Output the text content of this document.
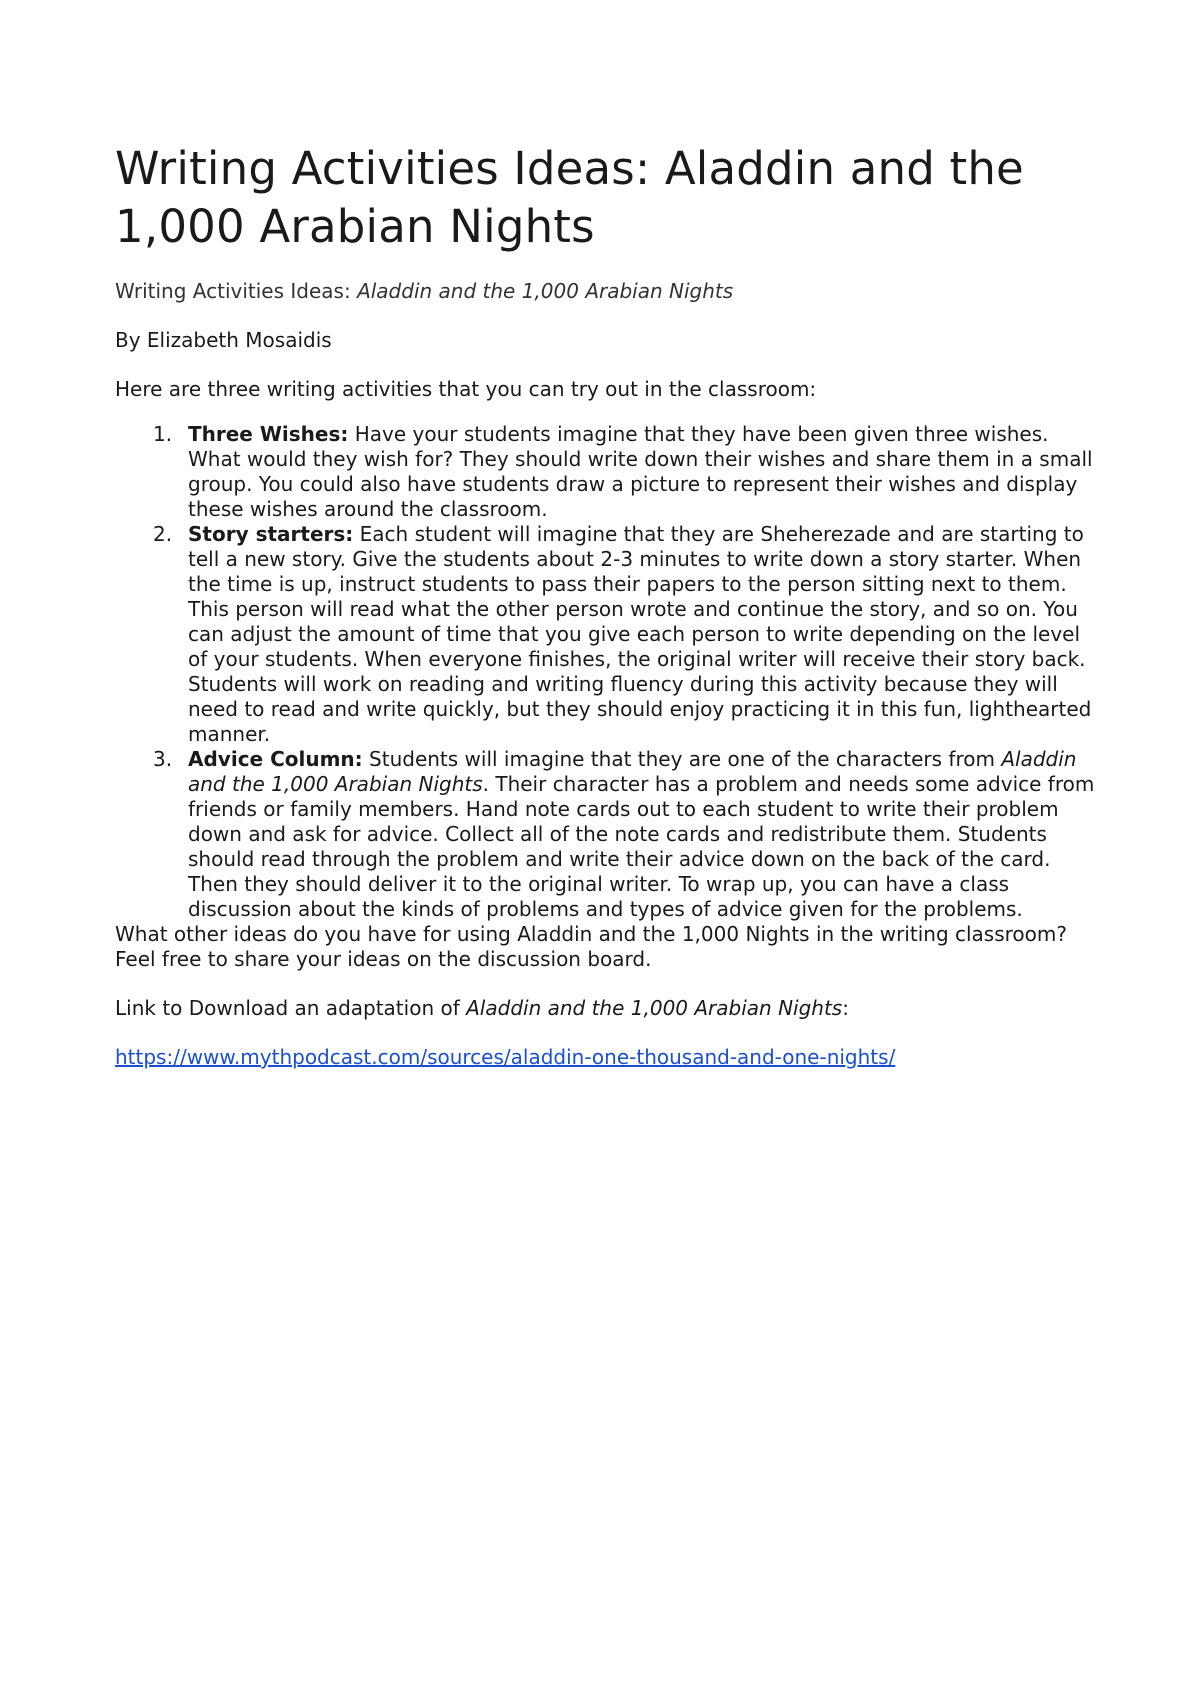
Writing Activities Ideas: Aladdin and the 1,000 Arabian Nights
Writing Activities Ideas: Aladdin and the 1,000 Arabian Nights
By Elizabeth Mosaidis
Here are three writing activities that you can try out in the classroom:
1. Three Wishes: Have your students imagine that they have been given three wishes. What would they wish for? They should write down their wishes and share them in a small group. You could also have students draw a picture to represent their wishes and display these wishes around the classroom.
2. Story starters: Each student will imagine that they are Sheherezade and are starting to tell a new story. Give the students about 2-3 minutes to write down a story starter. When the time is up, instruct students to pass their papers to the person sitting next to them. This person will read what the other person wrote and continue the story, and so on. You can adjust the amount of time that you give each person to write depending on the level of your students. When everyone finishes, the original writer will receive their story back. Students will work on reading and writing fluency during this activity because they will need to read and write quickly, but they should enjoy practicing it in this fun, lighthearted manner.
3. Advice Column: Students will imagine that they are one of the characters from Aladdin and the 1,000 Arabian Nights. Their character has a problem and needs some advice from friends or family members. Hand note cards out to each student to write their problem down and ask for advice. Collect all of the note cards and redistribute them. Students should read through the problem and write their advice down on the back of the card. Then they should deliver it to the original writer. To wrap up, you can have a class discussion about the kinds of problems and types of advice given for the problems.
What other ideas do you have for using Aladdin and the 1,000 Nights in the writing classroom? Feel free to share your ideas on the discussion board.
Link to Download an adaptation of Aladdin and the 1,000 Arabian Nights:
https://www.mythpodcast.com/sources/aladdin-one-thousand-and-one-nights/
